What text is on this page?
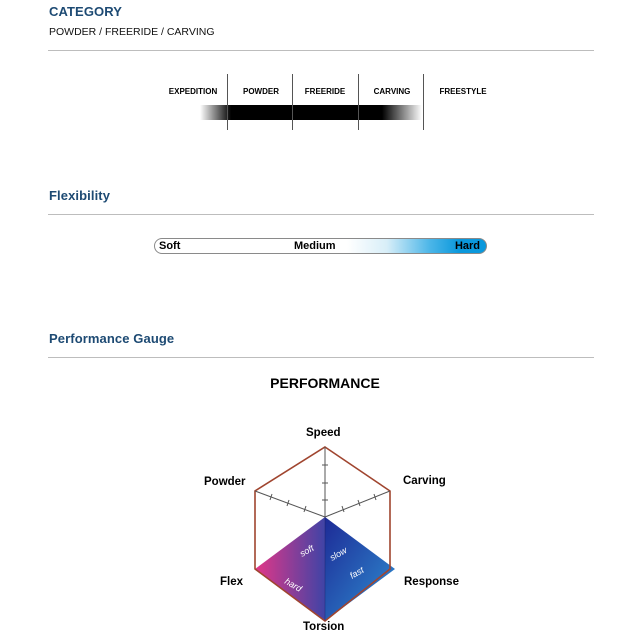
CATEGORY
POWDER / FREERIDE / CARVING
EXPEDITION	POWDER	FREERIDE	CARVING	FREESTYLE
Flexibility
Soft	Medium	Hard
Performance Gauge
PERFORMANCE
soft slow
hard
fast
Speed
Powder	Carving
Flex	Response
Torsion
